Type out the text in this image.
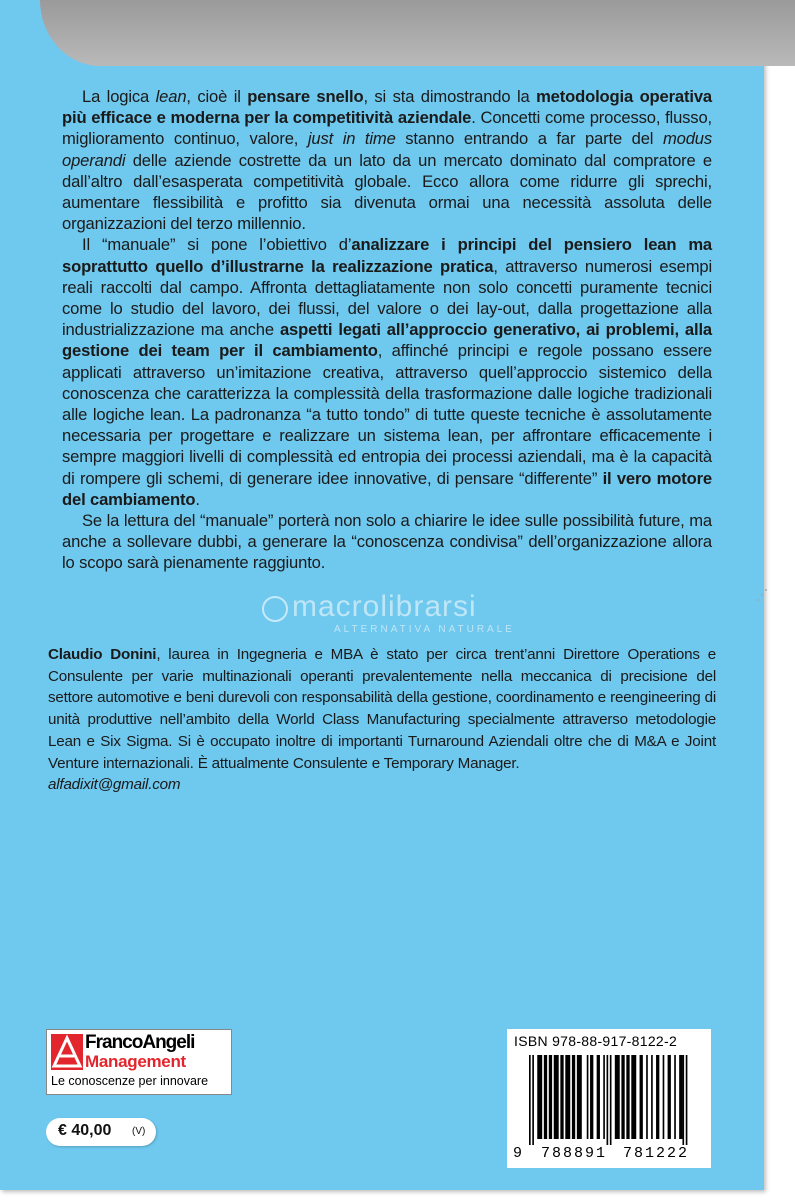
La logica lean, cioè il pensare snello, si sta dimostrando la metodologia operativa più efficace e moderna per la competitività aziendale. Concetti come processo, flusso, miglioramento continuo, valore, just in time stanno entrando a far parte del modus operandi delle aziende costrette da un lato da un mercato dominato dal compratore e dall’altro dall’esasperata competitività globale. Ecco allora come ridurre gli sprechi, aumentare flessibilità e profitto sia divenuta ormai una necessità assoluta delle organizzazioni del terzo millennio.

Il “manuale” si pone l’obiettivo d’analizzare i principi del pensiero lean ma soprattutto quello d’illustrarne la realizzazione pratica, attraverso numerosi esempi reali raccolti dal campo. Affronta dettagliatamente non solo concetti puramente tecnici come lo studio del lavoro, dei flussi, del valore o dei lay-out, dalla progettazione alla industrializzazione ma anche aspetti legati all’approccio generativo, ai problemi, alla gestione dei team per il cambiamento, affinché principi e regole possano essere applicati attraverso un’imitazione creativa, attraverso quell’approccio sistemico della conoscenza che caratterizza la complessità della trasformazione dalle logiche tradizionali alle logiche lean. La padronanza “a tutto tondo” di tutte queste tecniche è assolutamente necessaria per progettare e realizzare un sistema lean, per affrontare efficacemente i sempre maggiori livelli di complessità ed entropia dei processi aziendali, ma è la capacità di rompere gli schemi, di generare idee innovative, di pensare “differente” il vero motore del cambiamento.

Se la lettura del “manuale” porterà non solo a chiarire le idee sulle possibilità future, ma anche a sollevare dubbi, a generare la “conoscenza condivisa” dell’organizzazione allora lo scopo sarà pienamente raggiunto.

macrolibrarsi
ALTERNATIVA NATURALE
Claudio Donini, laurea in Ingegneria e MBA è stato per circa trent’anni Direttore Operations e Consulente per varie multinazionali operanti prevalentemente nella meccanica di precisione del settore automotive e beni durevoli con responsabilità della gestione, coordinamento e reengineering di unità produttive nell’ambito della World Class Manufacturing specialmente attraverso metodologie Lean e Six Sigma. Si è occupato inoltre di importanti Turnaround Aziendali oltre che di M&A e Joint Venture internazionali. È attualmente Consulente e Temporary Manager.
alfadixit@gmail.com
FrancoAngeli
Management
Le conoscenze per innovare
€ 40,00 (V)
ISBN 978-88-917-8122-2
9 788891 781222
